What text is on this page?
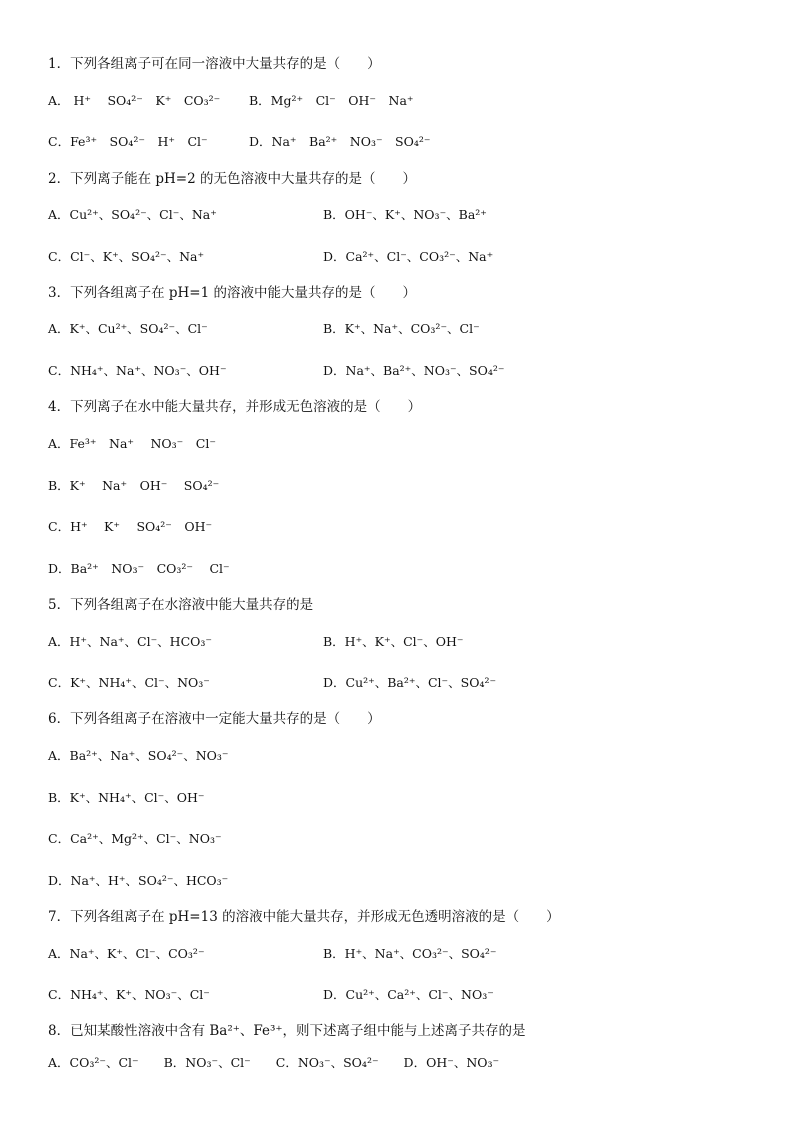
1．下列各组离子可在同一溶液中大量共存的是（　　）
A． H⁺　 SO₄²⁻　K⁺　CO₃²⁻ B．Mg²⁺　Cl⁻　OH⁻　Na⁺
C．Fe³⁺　SO₄²⁻　H⁺　Cl⁻	D．Na⁺　Ba²⁺　NO₃⁻　SO₄²⁻
2．下列离子能在 pH=2 的无色溶液中大量共存的是（　　）
A．Cu²⁺、SO₄²⁻、Cl⁻、Na⁺	B．OH⁻、K⁺、NO₃⁻、Ba²⁺
C．Cl⁻、K⁺、SO₄²⁻、Na⁺	D．Ca²⁺、Cl⁻、CO₃²⁻、Na⁺
3．下列各组离子在 pH=1 的溶液中能大量共存的是（　　）
A．K⁺、Cu²⁺、SO₄²⁻、Cl⁻	B．K⁺、Na⁺、CO₃²⁻、Cl⁻
C．NH₄⁺、Na⁺、NO₃⁻、OH⁻	D．Na⁺、Ba²⁺、NO₃⁻、SO₄²⁻
4．下列离子在水中能大量共存，并形成无色溶液的是（　　）
A．Fe³⁺　Na⁺　 NO₃⁻　Cl⁻
B．K⁺　 Na⁺　OH⁻　 SO₄²⁻
C．H⁺　 K⁺　 SO₄²⁻　OH⁻
D．Ba²⁺　NO₃⁻　CO₃²⁻　 Cl⁻
5．下列各组离子在水溶液中能大量共存的是
A．H⁺、Na⁺、Cl⁻、HCO₃⁻	B．H⁺、K⁺、Cl⁻、OH⁻
C．K⁺、NH₄⁺、Cl⁻、NO₃⁻	D．Cu²⁺、Ba²⁺、Cl⁻、SO₄²⁻
6．下列各组离子在溶液中一定能大量共存的是（　　）
A．Ba²⁺、Na⁺、SO₄²⁻、NO₃⁻
B．K⁺、NH₄⁺、Cl⁻、OH⁻
C．Ca²⁺、Mg²⁺、Cl⁻、NO₃⁻
D．Na⁺、H⁺、SO₄²⁻、HCO₃⁻
7．下列各组离子在 pH=13 的溶液中能大量共存，并形成无色透明溶液的是（　　）
A．Na⁺、K⁺、Cl⁻、CO₃²⁻	B．H⁺、Na⁺、CO₃²⁻、SO₄²⁻
C．NH₄⁺、K⁺、NO₃⁻、Cl⁻	D．Cu²⁺、Ca²⁺、Cl⁻、NO₃⁻
8．已知某酸性溶液中含有 Ba²⁺、Fe³⁺，则下述离子组中能与上述离子共存的是
A．CO₃²⁻、Cl⁻　　B．NO₃⁻、Cl⁻　　C．NO₃⁻、SO₄²⁻　　D．OH⁻、NO₃⁻
